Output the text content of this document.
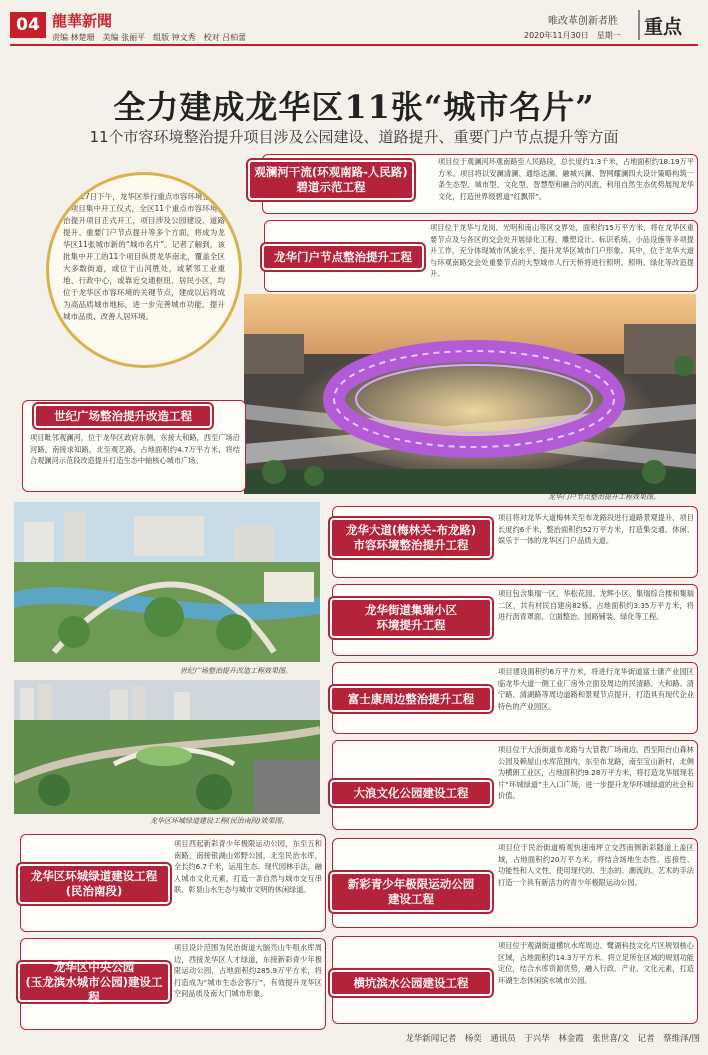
04 龍華新聞
责编 林楚珊　美编 张丽平　组版 钟文秀　校对 吕柏蕾
唯改革创新者胜
2020年11月30日　星期一 重点
全力建成龙华区11张“城市名片”
11个市容环境整治提升项目涉及公园建设、道路提升、重要门户节点提升等方面

11月27日下午，龙华区举行重点市容环境整治提升项目集中开工仪式，全区11个重点市容环境整治提升项目正式开工，项目涉及公园建设、道路提升、重要门户节点提升等多个方面，将成为龙华区11张城市新的“城市名片”。记者了解到，该批集中开工的11个项目纵贯龙华南北，覆盖全区大多数街道，或位于山河胜处，或紧邻工业重地、行政中心，或靠近交通枢纽、居民小区，均位于龙华区市容环境的关键节点，建成以后将成为高品质城市地标，进一步完善城市功能、提升城市品质、改善人居环境。

观澜河干流(环观南路-人民路)
碧道示范工程
项目位于观澜河环观南路至人民路段，总长度约1.3千米，占地面积约18.19万平方米。项目将以安澜清澜、通络达澜、融城兴澜、智网耀澜四大设计策略构筑一条生态型、城市型、文化型、智慧型和融合的河流，利用自然生态优势展现龙华文化，打造世界级碧道“红飘带”。
龙华门户节点整治提升工程
项目位于龙华与龙岗、光明和南山等区交界处，面积约15万平方米，将在龙华区重要节点及与各区的交会处开展绿化工程、雕塑设计、标识系统、小品设施等多项提升工作，充分体现城市风貌水平，提升龙华区城市门户形象。其中，位于龙华大道与环观南路交会处重要节点的大型城市人行天桥将进行照明、照明、绿化等改造提升。
龙华门户节点整治提升工程效果图。
世纪广场整治提升改造工程
项目毗邻观澜河，位于龙华区政府东侧，东接大和路，西至广场沿河路，南接求知路，北至观艺路，占地面积约4.7万平方米，将结合观澜河示范段改造提升打造生态中轴核心城市广场。
世纪广场整治提升改造工程效果图。
龙华区环城绿道建设工程(民治南段)效果图。
龙华大道(梅林关-布龙路)
市容环境整治提升工程
项目将对龙华大道梅林关至布龙路段进行道路景观提升，项目长度约6千米，整治面积约52万平方米，打造集交通、休闲、娱乐于一体的龙华区门户品质大道。
龙华街道集瑞小区
环境提升工程
项目包含集瑞一区、华松花园、龙辉小区、集瑞综合楼和集瑞二区，共有村民自建房82栋，占地面积约3.35万平方米，将进行沥青罩面、立面整治、园路铺装、绿化等工程。
富士康周边整治提升工程
项目建设面积约6万平方米，将进行龙华街道富士康产业园区临龙华大道一侧工业厂房外立面及周边的民清路、大和路、清宁路、清湖路等周边道路和景观节点提升，打造具有现代企业特色的产业园区。
大浪文化公园建设工程
项目位于大浪街道布龙路与大管教广场南边，西至阳台山森林公园及赖屋山水库范围内，东至布龙路，南至宝山新村，北侧为横朗工业区，占地面积约9.28万平方米，将打造龙华展现名片“环城绿道”主入口广场，进一步提升龙华环城绿道的社会和价值。
龙华区环城绿道建设工程
(民治南段)
项目西起新彩青少年极限运动公园，东至五和南路，南接银湖山郊野公园，北至民治水库，全长约6.7千米，运用生态、现代园林手法，融入城市文化元素，打造一条自然与城市交互串联、彰显山水生态与城市文明的休闲绿道。	新彩青少年极限运动公园
建设工程
项目位于民治街道梅观快速南坪立交西南侧新彩隧道上盖区域，占地面积约20万平方米。将结合场地生态性、连接性、功能性和人文性，使用现代的、生态的、潮流的、艺术的手法打造一个具有新活力的青少年极限运动公园。
龙华区中央公园
(玉龙滨水城市公园)建设工程
项目设计范围为民治街道大脑壳山牛咀水库周边，西接龙华区人才绿道，东接新彩青少年极限运动公园，占地面积约285.9万平方米，将打造成为“城市生态会客厅”，有效提升龙华区空间品质及南大门城市形象。
横坑滨水公园建设工程
项目位于观湖街道横坑水库周边、鹭湖科技文化片区规划核心区域，占地面积约14.3万平方米。将立足所在区域的规划功能定位，结合水库资源优势，融入行政、产业、文化元素，打造环湖生态休闲滨水城市公园。
龙华新闻记者　杨奕　通讯员　于兴华　林金霞　张世喜/文　记者　蔡维泽/图
